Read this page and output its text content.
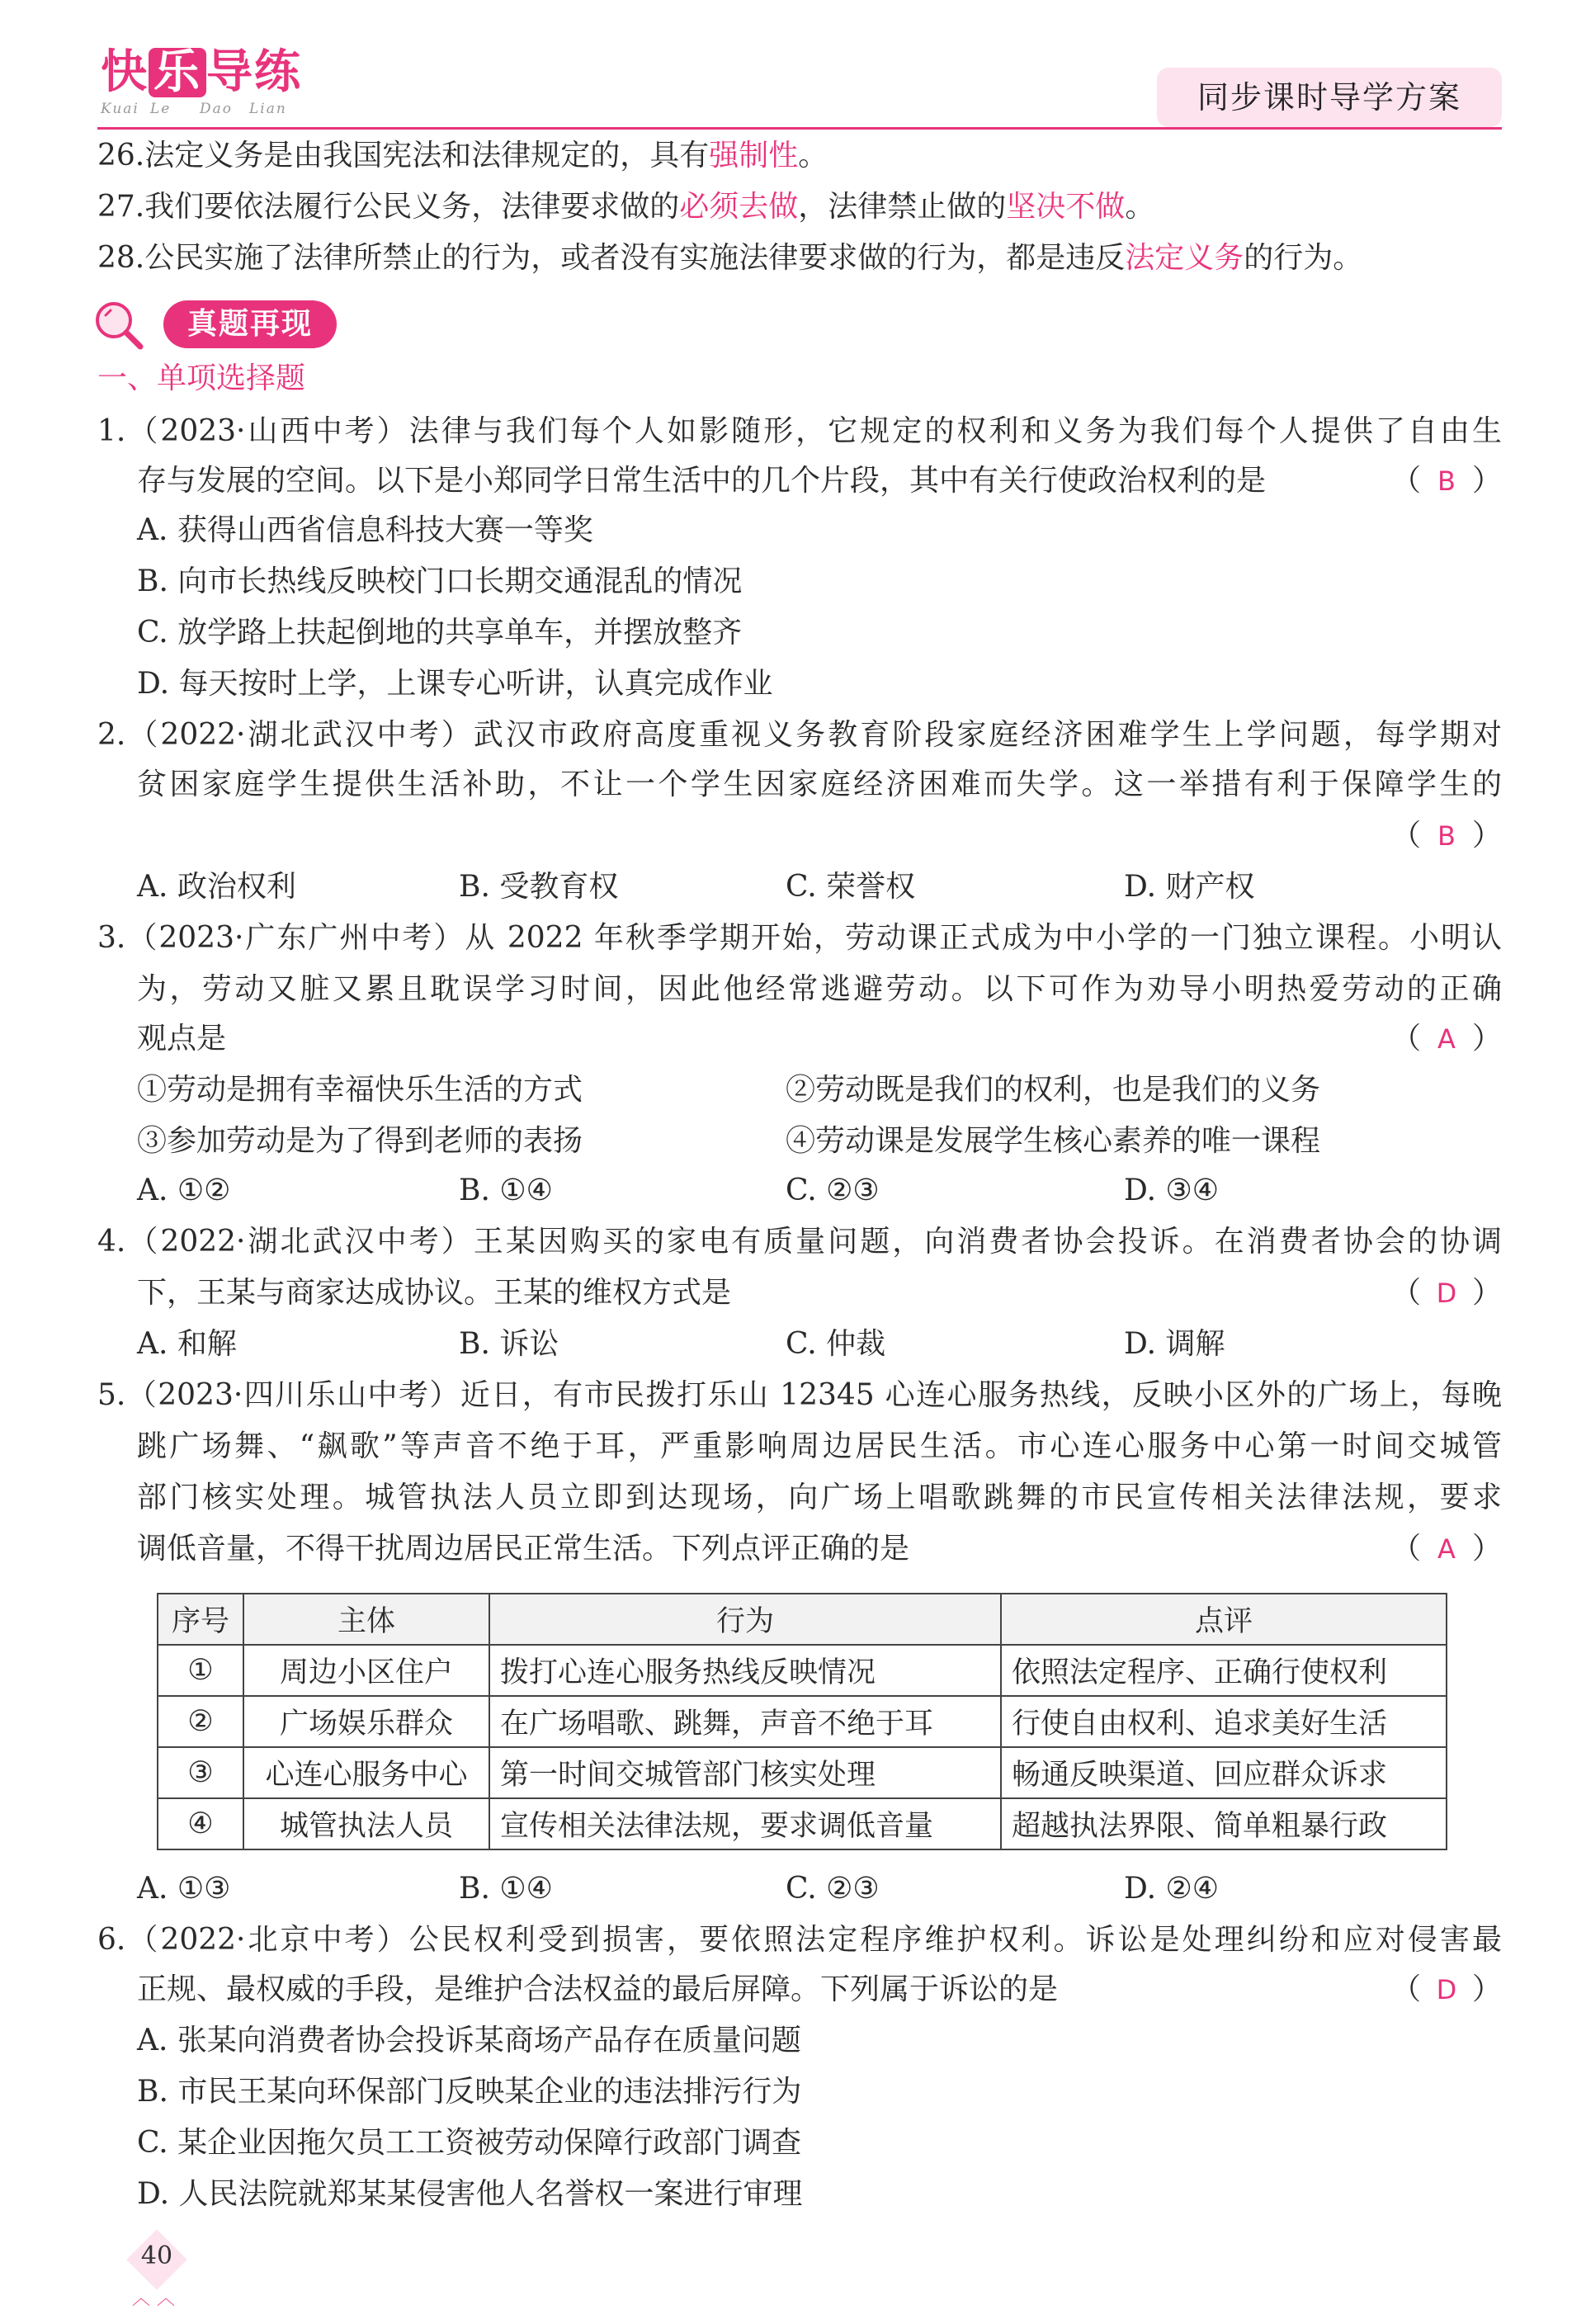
快 乐 导练
Kuai Le Dao Lian	同步课时导学方案
26.法定义务是由我国宪法和法律规定的，具有强制性。
27.我们要依法履行公民义务，法律要求做的必须去做，法律禁止做的坚决不做。
28.公民实施了法律所禁止的行为，或者没有实施法律要求做的行为，都是违反法定义务的行为。
真题再现
一、单项选择题
1.（2023·山西中考）法律与我们每个人如影随形，它规定的权利和义务为我们每个人提供了自由生
存与发展的空间。以下是小郑同学日常生活中的几个片段，其中有关行使政治权利的是	（ B ）
A. 获得山西省信息科技大赛一等奖
B. 向市长热线反映校门口长期交通混乱的情况
C. 放学路上扶起倒地的共享单车，并摆放整齐
D. 每天按时上学，上课专心听讲，认真完成作业
2.（2022·湖北武汉中考）武汉市政府高度重视义务教育阶段家庭经济困难学生上学问题，每学期对
贫困家庭学生提供生活补助，不让一个学生因家庭经济困难而失学。这一举措有利于保障学生的
（ B ）
A. 政治权利	B. 受教育权	C. 荣誉权	D. 财产权
3.（2023·广东广州中考）从 2022 年秋季学期开始，劳动课正式成为中小学的一门独立课程。小明认
为，劳动又脏又累且耽误学习时间，因此他经常逃避劳动。以下可作为劝导小明热爱劳动的正确
观点是	（ A ）
①劳动是拥有幸福快乐生活的方式	②劳动既是我们的权利，也是我们的义务
③参加劳动是为了得到老师的表扬	④劳动课是发展学生核心素养的唯一课程
A. ①②	B. ①④	C. ②③	D. ③④
4.（2022·湖北武汉中考）王某因购买的家电有质量问题，向消费者协会投诉。在消费者协会的协调
下，王某与商家达成协议。王某的维权方式是	（ D ）
A. 和解	B. 诉讼	C. 仲裁	D. 调解
5.（2023·四川乐山中考）近日，有市民拨打乐山 12345 心连心服务热线，反映小区外的广场上，每晚
跳广场舞、“飙歌”等声音不绝于耳，严重影响周边居民生活。市心连心服务中心第一时间交城管
部门核实处理。城管执法人员立即到达现场，向广场上唱歌跳舞的市民宣传相关法律法规，要求
调低音量，不得干扰周边居民正常生活。下列点评正确的是	（ A ）
序号	主体	行为	点评
①	周边小区住户	拨打心连心服务热线反映情况	依照法定程序、正确行使权利
②	广场娱乐群众	在广场唱歌、跳舞，声音不绝于耳	行使自由权利、追求美好生活
③	心连心服务中心	第一时间交城管部门核实处理	畅通反映渠道、回应群众诉求
④	城管执法人员	宣传相关法律法规，要求调低音量	超越执法界限、简单粗暴行政
A. ①③	B. ①④	C. ②③	D. ②④
6.（2022·北京中考）公民权利受到损害，要依照法定程序维护权利。诉讼是处理纠纷和应对侵害最
正规、最权威的手段，是维护合法权益的最后屏障。下列属于诉讼的是	（ D ）
A. 张某向消费者协会投诉某商场产品存在质量问题
B. 市民王某向环保部门反映某企业的违法排污行为
C. 某企业因拖欠员工工资被劳动保障行政部门调查
D. 人民法院就郑某某侵害他人名誉权一案进行审理
40
︿︿
